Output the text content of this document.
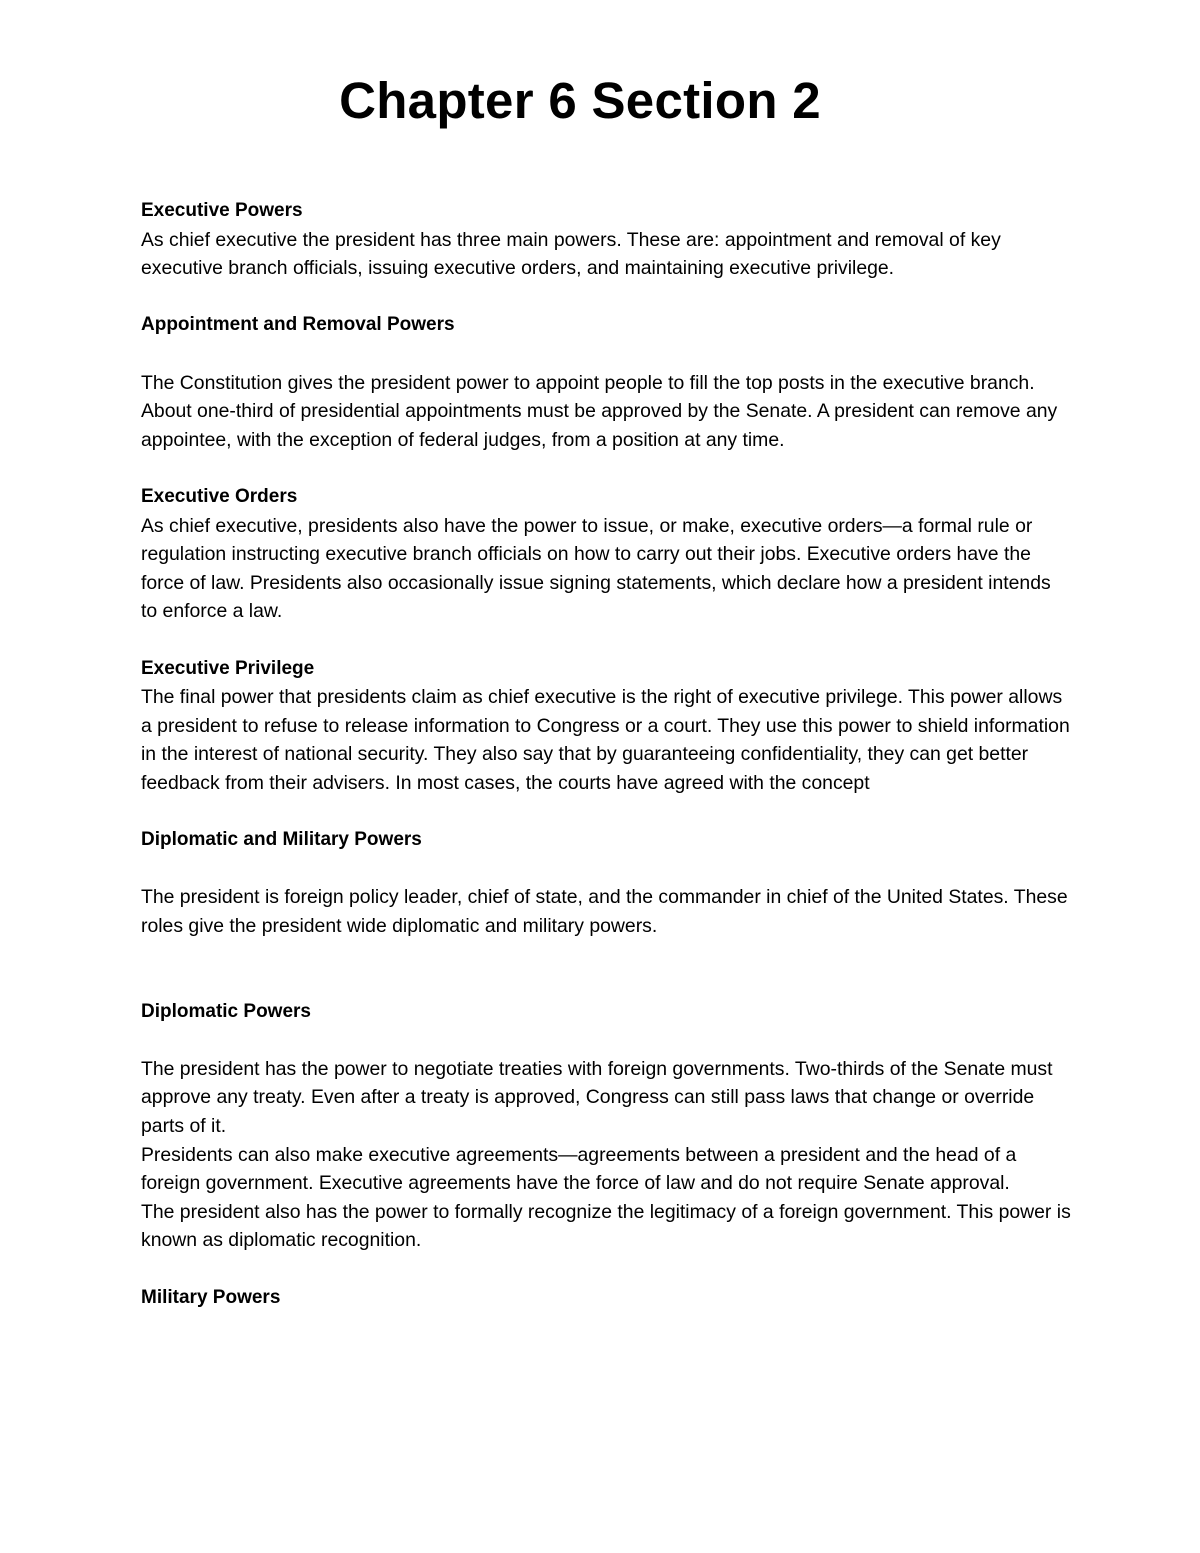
Chapter 6 Section 2

Executive Powers

As chief executive the president has three main powers. These are: appointment and removal of key executive branch officials, issuing executive orders, and maintaining executive privilege.

Appointment and Removal Powers

The Constitution gives the president power to appoint people to fill the top posts in the executive branch. About one-third of presidential appointments must be approved by the Senate. A president can remove any appointee, with the exception of federal judges, from a position at any time.

Executive Orders

As chief executive, presidents also have the power to issue, or make, executive orders—a formal rule or regulation instructing executive branch officials on how to carry out their jobs. Executive orders have the force of law. Presidents also occasionally issue signing statements, which declare how a president intends to enforce a law.

Executive Privilege

The final power that presidents claim as chief executive is the right of executive privilege. This power allows a president to refuse to release information to Congress or a court. They use this power to shield information in the interest of national security. They also say that by guaranteeing confidentiality, they can get better feedback from their advisers. In most cases, the courts have agreed with the concept

Diplomatic and Military Powers

The president is foreign policy leader, chief of state, and the commander in chief of the United States. These roles give the president wide diplomatic and military powers.

Diplomatic Powers

The president has the power to negotiate treaties with foreign governments. Two-thirds of the Senate must approve any treaty. Even after a treaty is approved, Congress can still pass laws that change or override parts of it.

Presidents can also make executive agreements—agreements between a president and the head of a foreign government. Executive agreements have the force of law and do not require Senate approval.

The president also has the power to formally recognize the legitimacy of a foreign government. This power is known as diplomatic recognition.

Military Powers
